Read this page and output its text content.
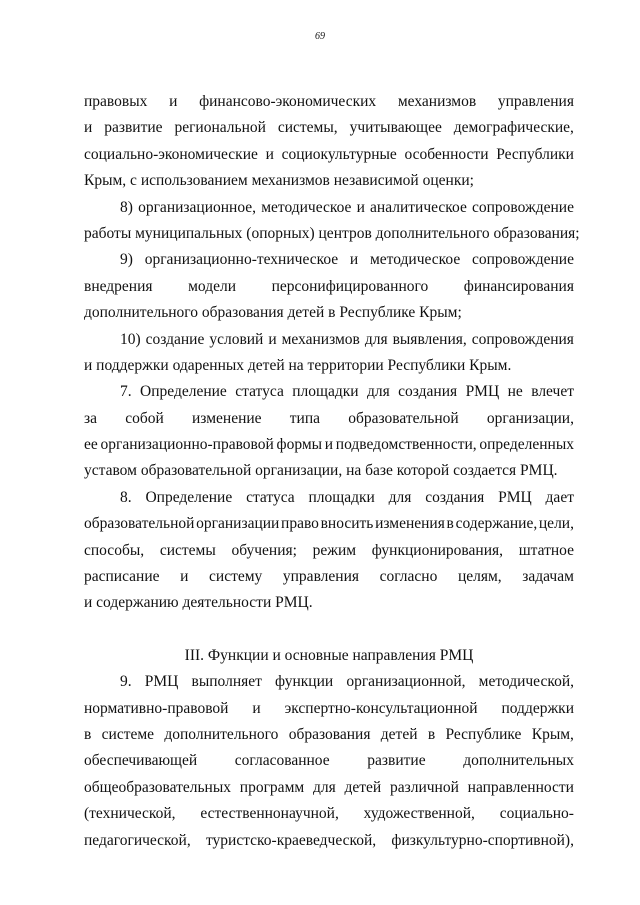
69
правовых и финансово-экономических механизмов управления
и развитие региональной системы, учитывающее демографические,
социально-экономические и социокультурные особенности Республики
Крым, с использованием механизмов независимой оценки;
8) организационное, методическое и аналитическое сопровождение
работы муниципальных (опорных) центров дополнительного образования;
9) организационно-техническое и методическое сопровождение
внедрения модели персонифицированного финансирования
дополнительного образования детей в Республике Крым;
10) создание условий и механизмов для выявления, сопровождения
и поддержки одаренных детей на территории Республики Крым.
7. Определение статуса площадки для создания РМЦ не влечет
за собой изменение типа образовательной организации,
ее организационно-правовой формы и подведомственности, определенных
уставом образовательной организации, на базе которой создается РМЦ.
8. Определение статуса площадки для создания РМЦ дает
образовательной организации право вносить изменения в содержание, цели,
способы, системы обучения; режим функционирования, штатное
расписание и систему управления согласно целям, задачам
и содержанию деятельности РМЦ.
III. Функции и основные направления РМЦ
9. РМЦ выполняет функции организационной, методической,
нормативно-правовой и экспертно-консультационной поддержки
в системе дополнительного образования детей в Республике Крым,
обеспечивающей согласованное развитие дополнительных
общеобразовательных программ для детей различной направленности
(технической, естественнонаучной, художественной, социально-
педагогической, туристско-краеведческой, физкультурно-спортивной),
